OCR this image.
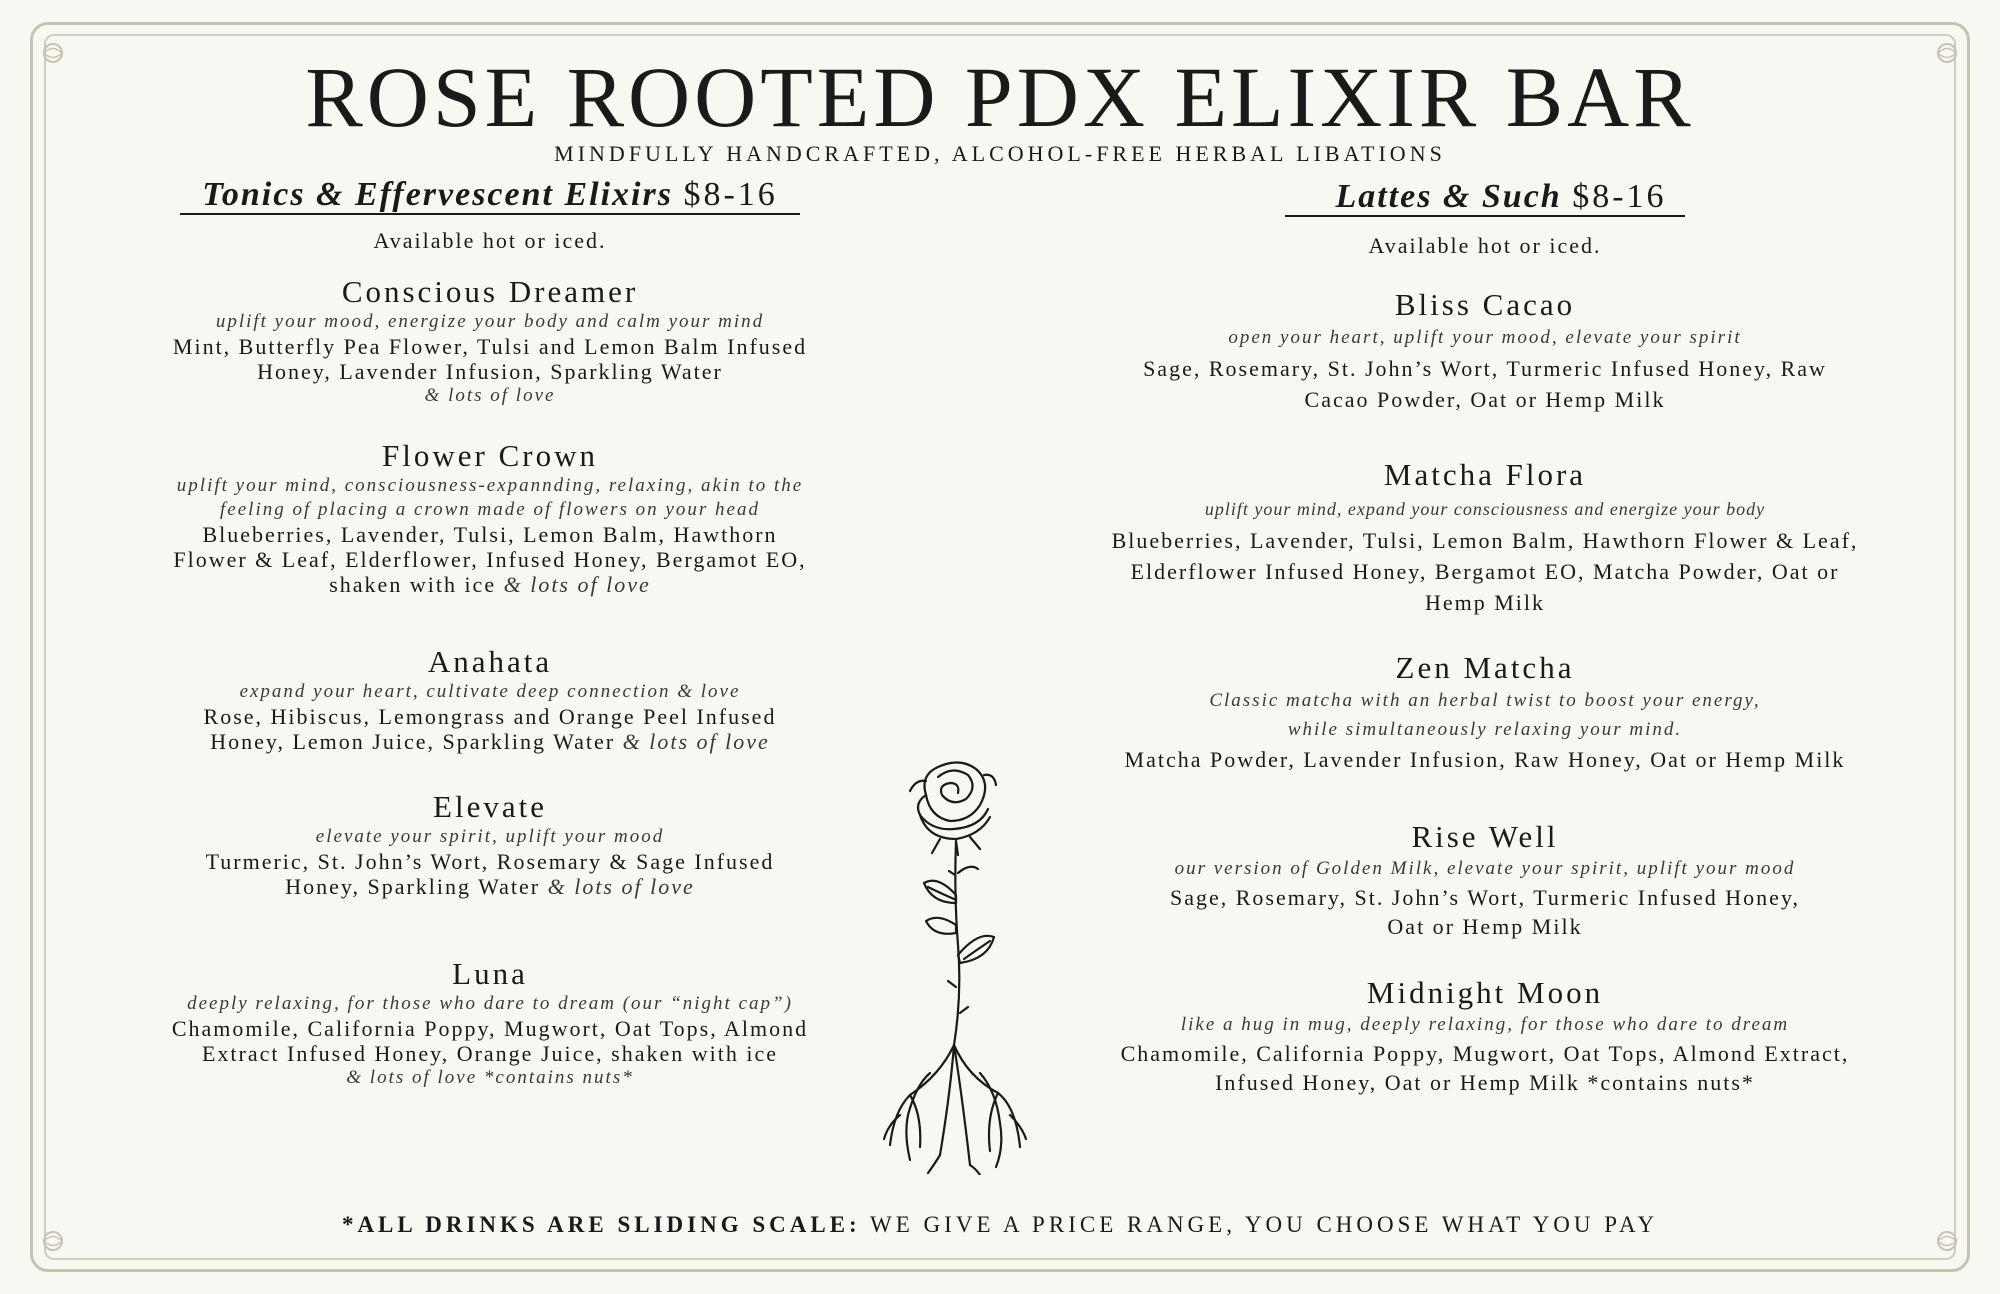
ROSE ROOTED PDX ELIXIR BAR
MINDFULLY HANDCRAFTED, ALCOHOL-FREE HERBAL LIBATIONS
Tonics & Effervescent Elixirs $8-16
Available hot or iced.
Conscious Dreamer
uplift your mood, energize your body and calm your mind
Mint, Butterfly Pea Flower, Tulsi and Lemon Balm Infused
Honey, Lavender Infusion, Sparkling Water
& lots of love
Flower Crown
uplift your mind, consciousness-expannding, relaxing, akin to the
feeling of placing a crown made of flowers on your head
Blueberries, Lavender, Tulsi, Lemon Balm, Hawthorn
Flower & Leaf, Elderflower, Infused Honey, Bergamot EO,
shaken with ice & lots of love
Anahata
expand your heart, cultivate deep connection & love
Rose, Hibiscus, Lemongrass and Orange Peel Infused
Honey, Lemon Juice, Sparkling Water & lots of love
Elevate
elevate your spirit, uplift your mood
Turmeric, St. John’s Wort, Rosemary & Sage Infused
Honey, Sparkling Water & lots of love
Luna
deeply relaxing, for those who dare to dream (our “night cap”)
Chamomile, California Poppy, Mugwort, Oat Tops, Almond
Extract Infused Honey, Orange Juice, shaken with ice
& lots of love *contains nuts*
Lattes & Such $8-16
Available hot or iced.
Bliss Cacao
open your heart, uplift your mood, elevate your spirit
Sage, Rosemary, St. John’s Wort, Turmeric Infused Honey, Raw
Cacao Powder, Oat or Hemp Milk
Matcha Flora
uplift your mind, expand your consciousness and energize your body
Blueberries, Lavender, Tulsi, Lemon Balm, Hawthorn Flower & Leaf,
Elderflower Infused Honey, Bergamot EO, Matcha Powder, Oat or
Hemp Milk
Zen Matcha
Classic matcha with an herbal twist to boost your energy,
while simultaneously relaxing your mind.
Matcha Powder, Lavender Infusion, Raw Honey, Oat or Hemp Milk
Rise Well
our version of Golden Milk, elevate your spirit, uplift your mood
Sage, Rosemary, St. John’s Wort, Turmeric Infused Honey,
Oat or Hemp Milk
Midnight Moon
like a hug in mug, deeply relaxing, for those who dare to dream
Chamomile, California Poppy, Mugwort, Oat Tops, Almond Extract,
Infused Honey, Oat or Hemp Milk *contains nuts*
*ALL DRINKS ARE SLIDING SCALE: WE GIVE A PRICE RANGE, YOU CHOOSE WHAT YOU PAY
